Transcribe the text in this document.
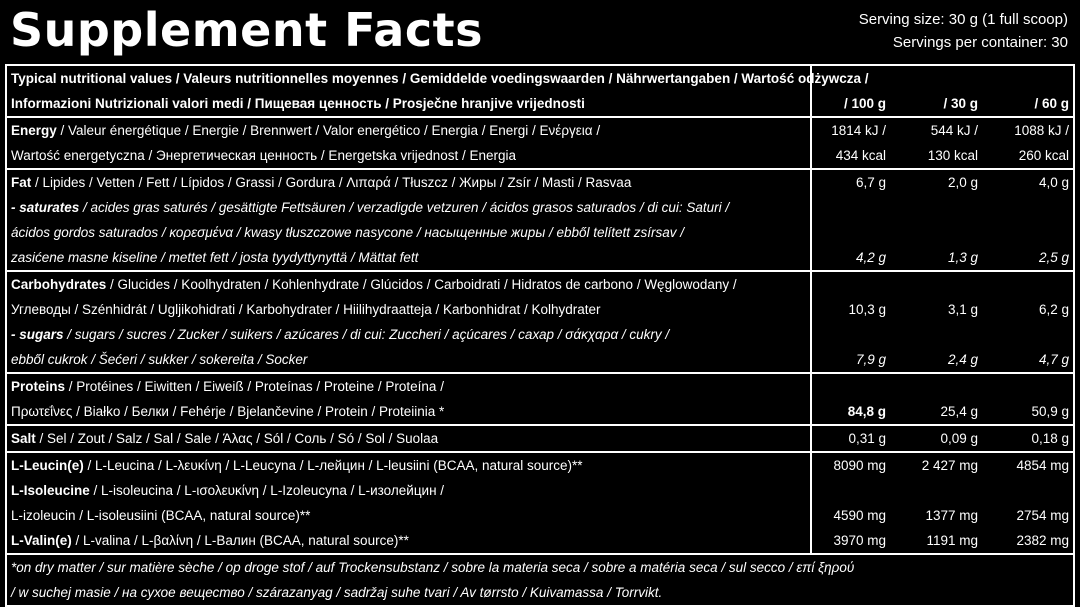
Supplement Facts	Serving size: 30 g (1 full scoop)
Servings per container: 30
Typical nutritional values / Valeurs nutritionnelles moyennes / Gemiddelde voedingswaarden / Nährwertangaben / Wartość odżywcza /
Informazioni Nutrizionali valori medi / Пищевая ценность / Prosječne hranjive vrijednosti	/ 100 g	/ 30 g	/ 60 g
Energy / Valeur énergétique / Energie / Brennwert / Valor energético / Energia / Energi / Ενέργεια /	1814 kJ /	544 kJ /	1088 kJ /
Wartość energetyczna / Энергетическая ценность / Energetska vrijednost / Energia	434 kcal	130 kcal	260 kcal
Fat / Lipides / Vetten / Fett / Lípidos / Grassi / Gordura / Λιπαρά / Tłuszcz / Жиры / Zsír / Masti / Rasvaa	6,7 g	2,0 g	4,0 g
- saturates / acides gras saturés / gesättigte Fettsäuren / verzadigde vetzuren / ácidos grasos saturados / di cui: Saturi /
ácidos gordos saturados / κορεσμένα / kwasy tłuszczowe nasycone / насыщенные жиры / ebből telített zsírsav /
zasićene masne kiseline / mettet fett / josta tyydyttynyttä / Mättat fett	4,2 g	1,3 g	2,5 g
Carbohydrates / Glucides / Koolhydraten / Kohlenhydrate / Glúcidos / Carboidrati / Hidratos de carbono / Węglowodany /
Углеводы / Szénhidrát / Ugljikohidrati / Karbohydrater / Hiilihydraatteja / Karbonhidrat / Kolhydrater	10,3 g	3,1 g	6,2 g
- sugars / sugars / sucres / Zucker / suikers / azúcares / di cui: Zuccheri / açúcares / сахар / σάκχαρα / cukry /
ebből cukrok / Šećeri / sukker / sokereita / Socker	7,9 g	2,4 g	4,7 g
Proteins / Protéines / Eiwitten / Eiweiß / Proteínas / Proteine / Proteína /
Πρωτεΐνες / Białko / Белки / Fehérje / Bjelančevine / Protein / Proteiinia *	84,8 g	25,4 g	50,9 g
Salt / Sel / Zout / Salz / Sal / Sale / Άλας / Sól / Соль / Só / Sol / Suolaa	0,31 g	0,09 g	0,18 g
L-Leucin(e) / L-Leucina / L-λευκίνη / L-Leucyna / L-лейцин / L-leusiini (BCAA, natural source)**	8090 mg	2 427 mg	4854 mg
L-Isoleucine / L-isoleucina / L-ισολευκίνη / L-Izoleucyna / L-изолейцин /
L-izoleucin / L-isoleusiini (BCAA, natural source)**	4590 mg	1377 mg	2754 mg
L-Valin(e) / L-valina / L-βαλίνη / L-Валин (BCAA, natural source)**	3970 mg	1191 mg	2382 mg
*on dry matter / sur matière sèche / op droge stof / auf Trockensubstanz / sobre la materia seca / sobre a matéria seca / sul secco / επί ξηρού
/ w suchej masie / на сухое вещество / szárazanyag / sadržaj suhe tvari / Av tørrsto / Kuivamassa / Torrvikt.
